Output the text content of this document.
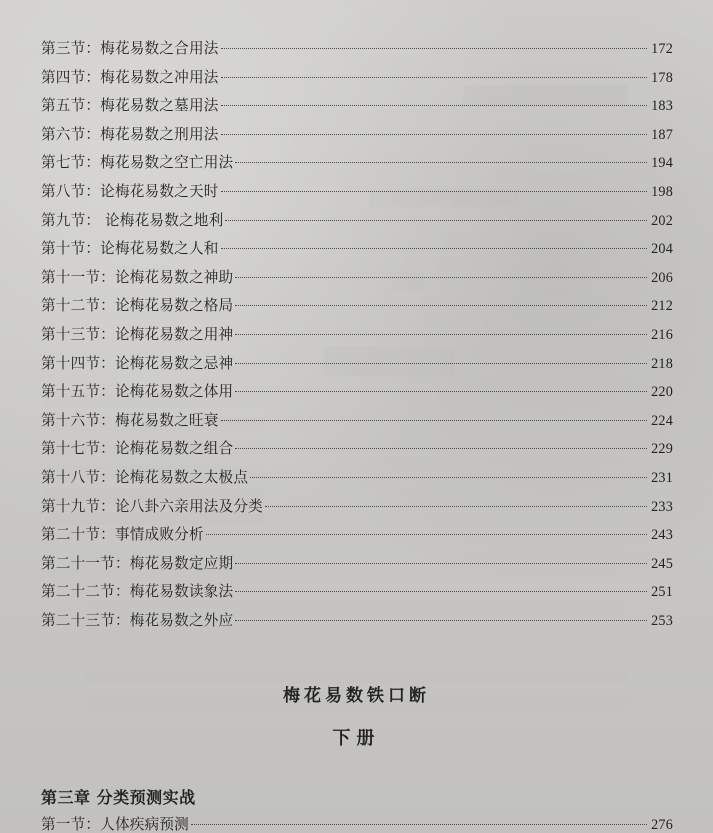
第三节：梅花易数之合用法	172
第四节：梅花易数之冲用法	178
第五节：梅花易数之墓用法	183
第六节：梅花易数之刑用法	187
第七节：梅花易数之空亡用法	194
第八节：论梅花易数之天时	198
第九节： 论梅花易数之地利	202
第十节：论梅花易数之人和	204
第十一节：论梅花易数之神助	206
第十二节：论梅花易数之格局	212
第十三节：论梅花易数之用神	216
第十四节：论梅花易数之忌神	218
第十五节：论梅花易数之体用	220
第十六节：梅花易数之旺衰	224
第十七节：论梅花易数之组合	229
第十八节：论梅花易数之太极点	231
第十九节：论八卦六亲用法及分类	233
第二十节：事情成败分析	243
第二十一节：梅花易数定应期	245
第二十二节：梅花易数读象法	251
第二十三节：梅花易数之外应	253
梅花易数铁口断
下册
第三章 分类预测实战
第一节：人体疾病预测	276
